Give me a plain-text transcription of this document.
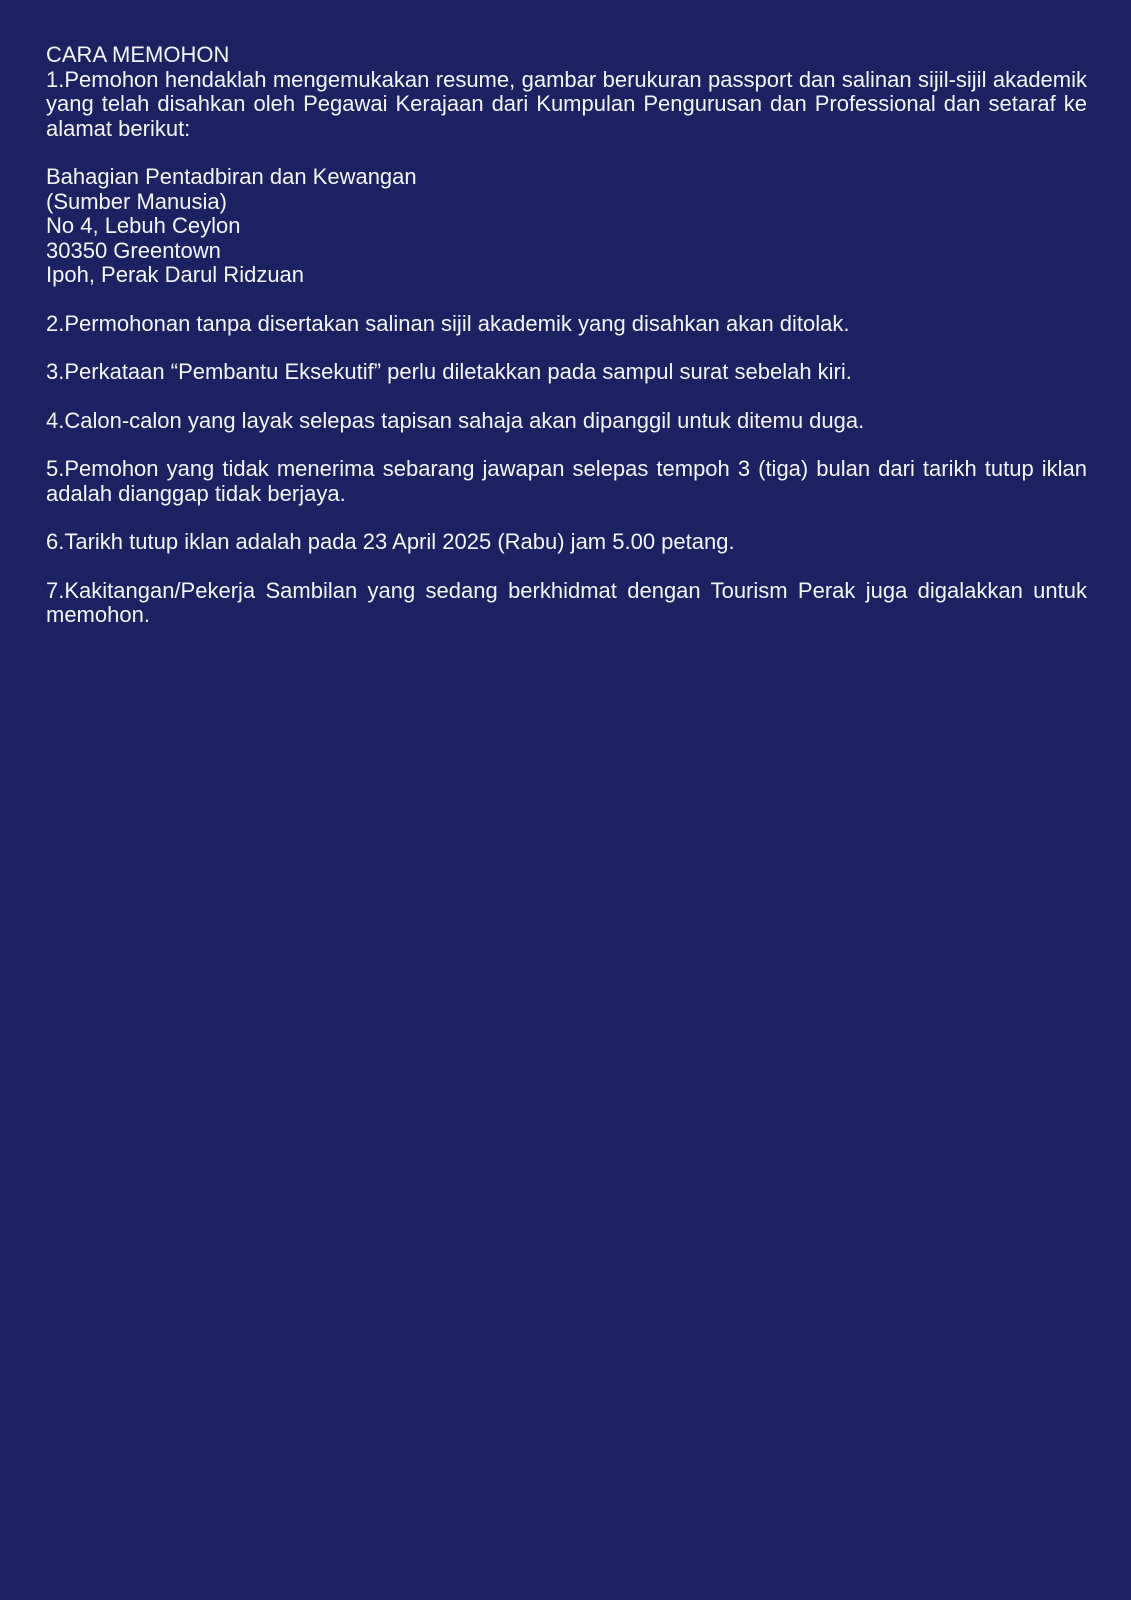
CARA MEMOHON

1.Pemohon hendaklah mengemukakan resume, gambar berukuran passport dan salinan sijil-sijil akademik yang telah disahkan oleh Pegawai Kerajaan dari Kumpulan Pengurusan dan Professional dan setaraf ke alamat berikut:

Bahagian Pentadbiran dan Kewangan
(Sumber Manusia)
No 4, Lebuh Ceylon
30350 Greentown
Ipoh, Perak Darul Ridzuan

2.Permohonan tanpa disertakan salinan sijil akademik yang disahkan akan ditolak.

3.Perkataan “Pembantu Eksekutif” perlu diletakkan pada sampul surat sebelah kiri.

4.Calon-calon yang layak selepas tapisan sahaja akan dipanggil untuk ditemu duga.

5.Pemohon yang tidak menerima sebarang jawapan selepas tempoh 3 (tiga) bulan dari tarikh tutup iklan adalah dianggap tidak berjaya.

6.Tarikh tutup iklan adalah pada 23 April 2025 (Rabu) jam 5.00 petang.

7.Kakitangan/Pekerja Sambilan yang sedang berkhidmat dengan Tourism Perak juga digalakkan untuk memohon.
